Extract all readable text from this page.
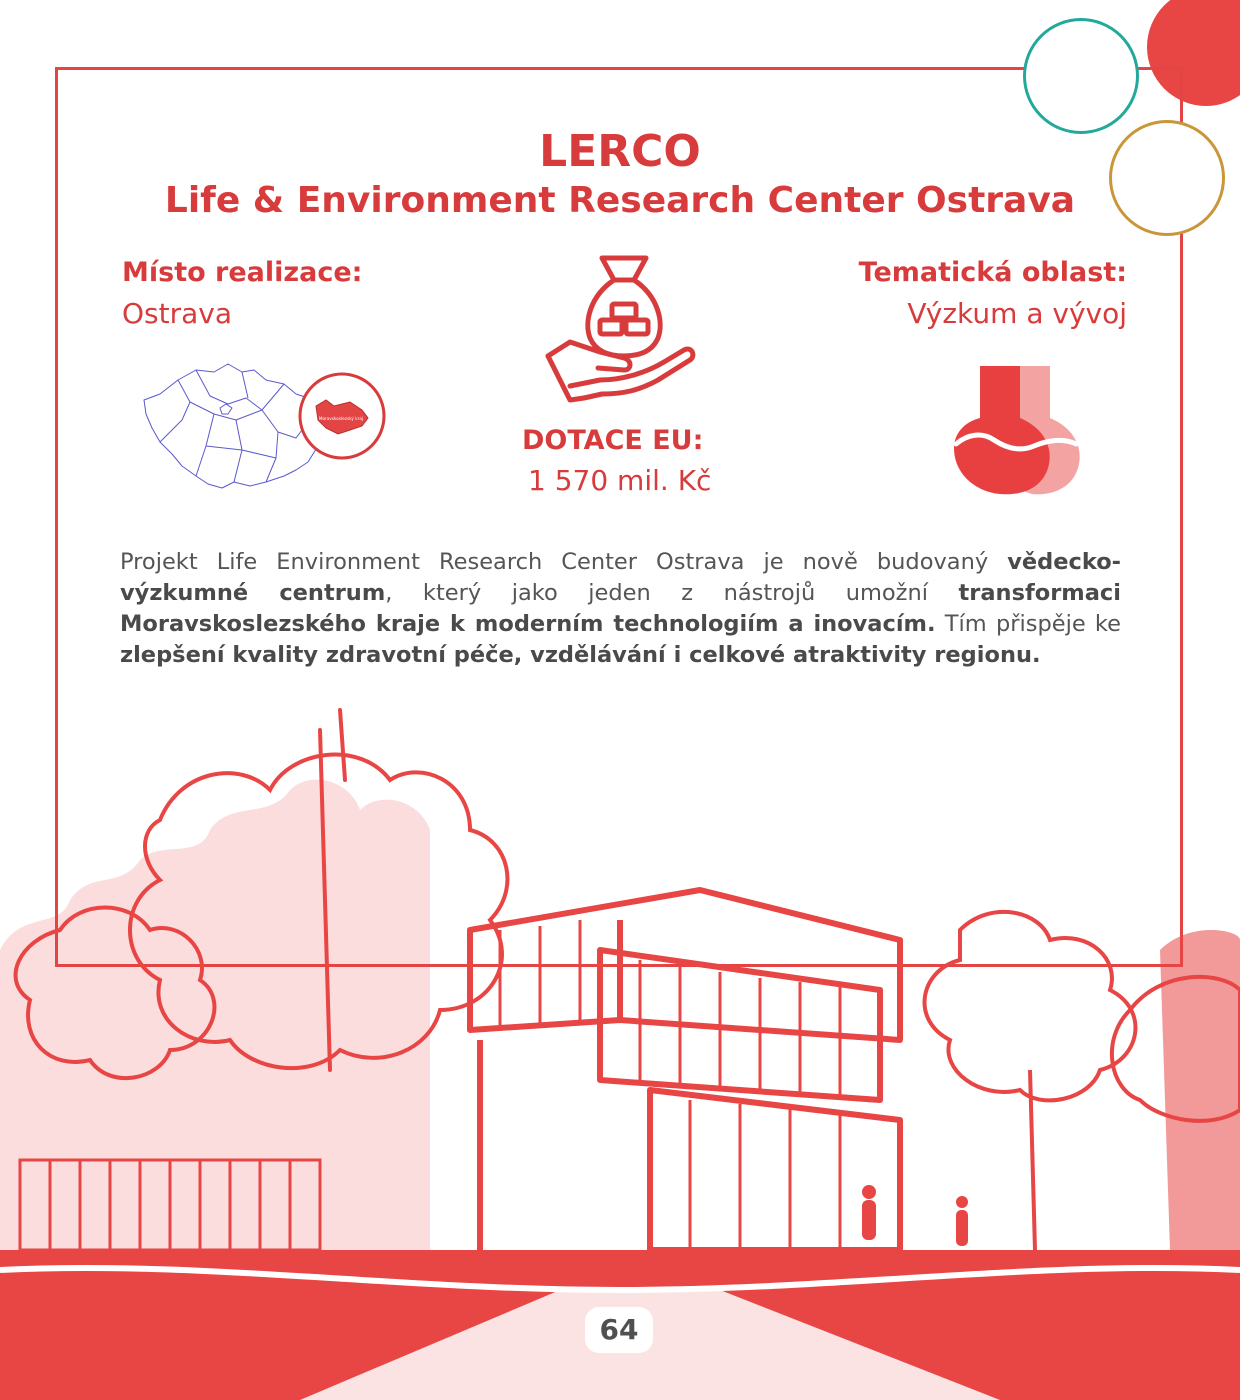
LERCO
Life & Environment Research Center Ostrava
Místo realizace:
Ostrava
Tematická oblast:
Výzkum a vývoj
Moravskoslezský kraj
DOTACE EU:
1 570 mil. Kč
Projekt Life Environment Research Center Ostrava je nově budovaný vědecko-výzkumné centrum, který jako jeden z nástrojů umožní transformaci Moravskoslezského kraje k moderním technologiím a inovacím. Tím přispěje ke zlepšení kvality zdravotní péče, vzdělávání i celkové atraktivity regionu.
64
